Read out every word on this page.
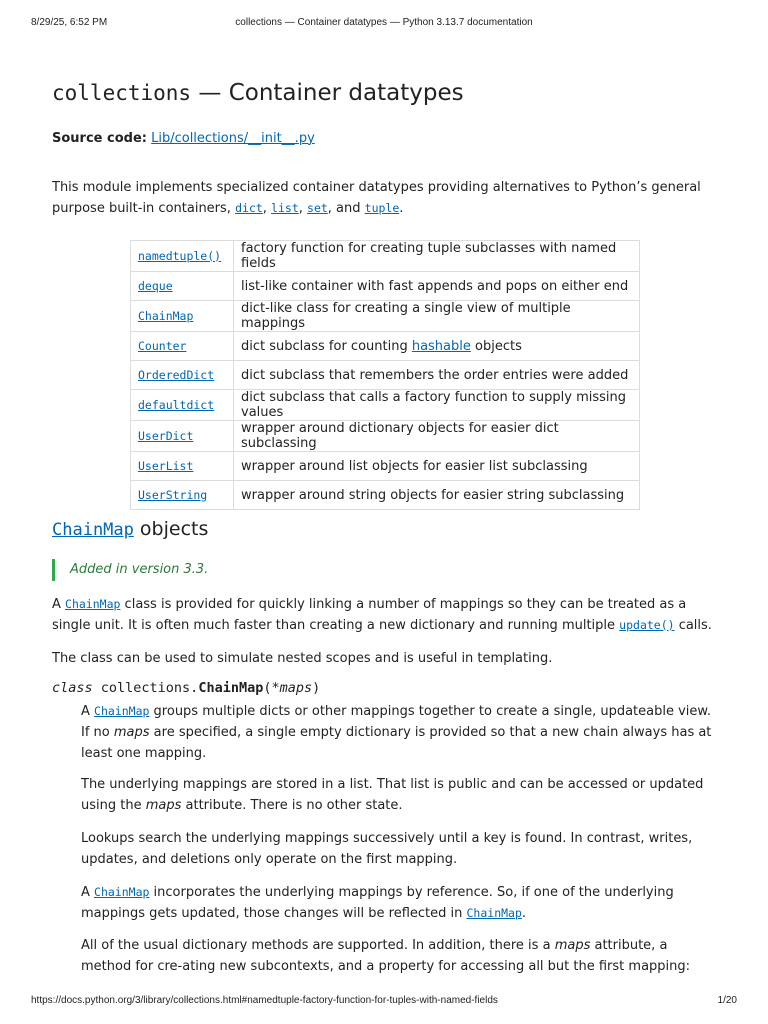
8/29/25, 6:52 PM	collections — Container datatypes — Python 3.13.7 documentation
collections — Container datatypes
Source code: Lib/collections/__init__.py

This module implements specialized container datatypes providing alternatives to Python’s general purpose built-in containers, dict, list, set, and tuple.

namedtuple()	factory function for creating tuple subclasses with named fields
deque	list-like container with fast appends and pops on either end
ChainMap	dict-like class for creating a single view of multiple mappings
Counter	dict subclass for counting hashable objects
OrderedDict	dict subclass that remembers the order entries were added
defaultdict	dict subclass that calls a factory function to supply missing values
UserDict	wrapper around dictionary objects for easier dict subclassing
UserList	wrapper around list objects for easier list subclassing
UserString	wrapper around string objects for easier string subclassing
ChainMap objects
Added in version 3.3.

A ChainMap class is provided for quickly linking a number of mappings so they can be treated as a single unit. It is often much faster than creating a new dictionary and running multiple update() calls.

The class can be used to simulate nested scopes and is useful in templating.

class collections.ChainMap(*maps)

A ChainMap groups multiple dicts or other mappings together to create a single, updateable view. If no maps are specified, a single empty dictionary is provided so that a new chain always has at least one mapping.

The underlying mappings are stored in a list. That list is public and can be accessed or updated using the maps attribute. There is no other state.

Lookups search the underlying mappings successively until a key is found. In contrast, writes, updates, and deletions only operate on the first mapping.

A ChainMap incorporates the underlying mappings by reference. So, if one of the underlying mappings gets updated, those changes will be reflected in ChainMap.

All of the usual dictionary methods are supported. In addition, there is a maps attribute, a method for cre-ating new subcontexts, and a property for accessing all but the first mapping:

https://docs.python.org/3/library/collections.html#namedtuple-factory-function-for-tuples-with-named-fields	1/20
